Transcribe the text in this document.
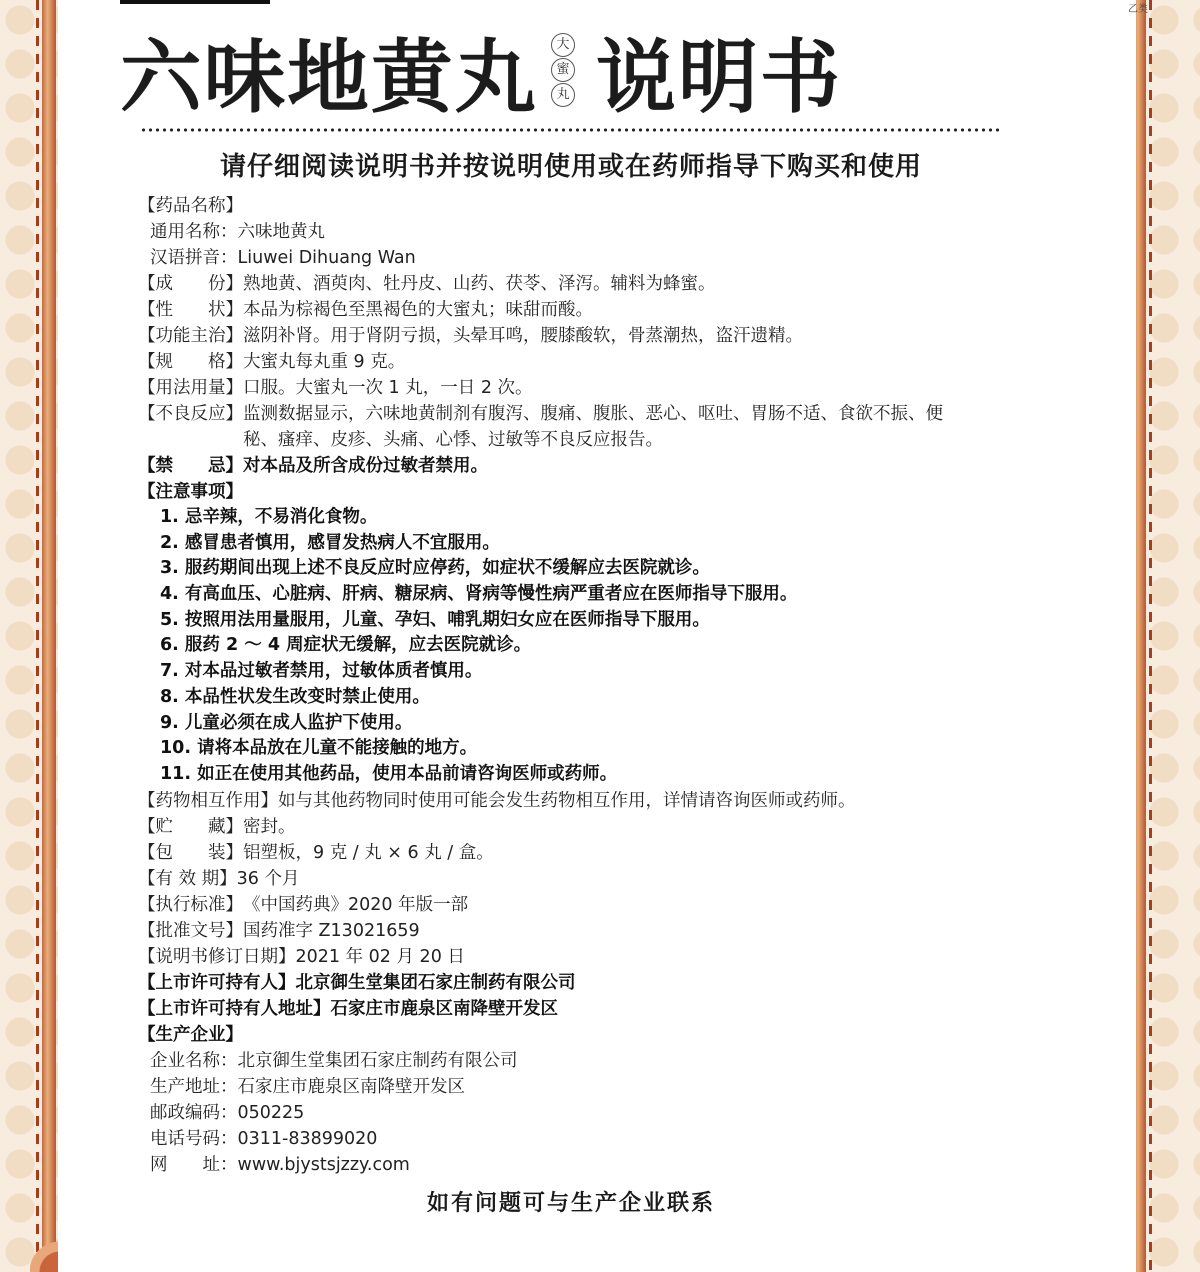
乙类
六味地黄丸	大
蜜
丸 说明书
请仔细阅读说明书并按说明使用或在药师指导下购买和使用
【药品名称】
通用名称： 六味地黄丸
汉语拼音： Liuwei Dihuang Wan
【成　　份】 熟地黄、酒萸肉、牡丹皮、山药、茯苓、泽泻。辅料为蜂蜜。
【性　　状】 本品为棕褐色至黑褐色的大蜜丸；味甜而酸。
【功能主治】 滋阴补肾。用于肾阴亏损，头晕耳鸣，腰膝酸软，骨蒸潮热，盗汗遗精。
【规　　格】 大蜜丸每丸重 9 克。
【用法用量】 口服。大蜜丸一次 1 丸，一日 2 次。
【不良反应】 监测数据显示，六味地黄制剂有腹泻、腹痛、腹胀、恶心、呕吐、胃肠不适、食欲不振、便秘、瘙痒、皮疹、头痛、心悸、过敏等不良反应报告。
【禁　　忌】 对本品及所含成份过敏者禁用。
【注意事项】
1. 忌辛辣，不易消化食物。
2. 感冒患者慎用，感冒发热病人不宜服用。
3. 服药期间出现上述不良反应时应停药，如症状不缓解应去医院就诊。
4. 有高血压、心脏病、肝病、糖尿病、肾病等慢性病严重者应在医师指导下服用。
5. 按照用法用量服用，儿童、孕妇、哺乳期妇女应在医师指导下服用。
6. 服药 2 ～ 4 周症状无缓解，应去医院就诊。
7. 对本品过敏者禁用，过敏体质者慎用。
8. 本品性状发生改变时禁止使用。
9. 儿童必须在成人监护下使用。
10. 请将本品放在儿童不能接触的地方。
11. 如正在使用其他药品，使用本品前请咨询医师或药师。
【药物相互作用】 如与其他药物同时使用可能会发生药物相互作用，详情请咨询医师或药师。
【贮　　藏】 密封。
【包　　装】 铝塑板，9 克 / 丸 × 6 丸 / 盒。
【有 效 期】 36 个月
【执行标准】 《中国药典》2020 年版一部
【批准文号】 国药准字 Z13021659
【说明书修订日期】 2021 年 02 月 20 日
【上市许可持有人】 北京御生堂集团石家庄制药有限公司
【上市许可持有人地址】 石家庄市鹿泉区南降壁开发区
【生产企业】
企业名称： 北京御生堂集团石家庄制药有限公司
生产地址： 石家庄市鹿泉区南降壁开发区
邮政编码： 050225
电话号码： 0311-83899020
网　　址： www.bjystsjzzy.com
如有问题可与生产企业联系
